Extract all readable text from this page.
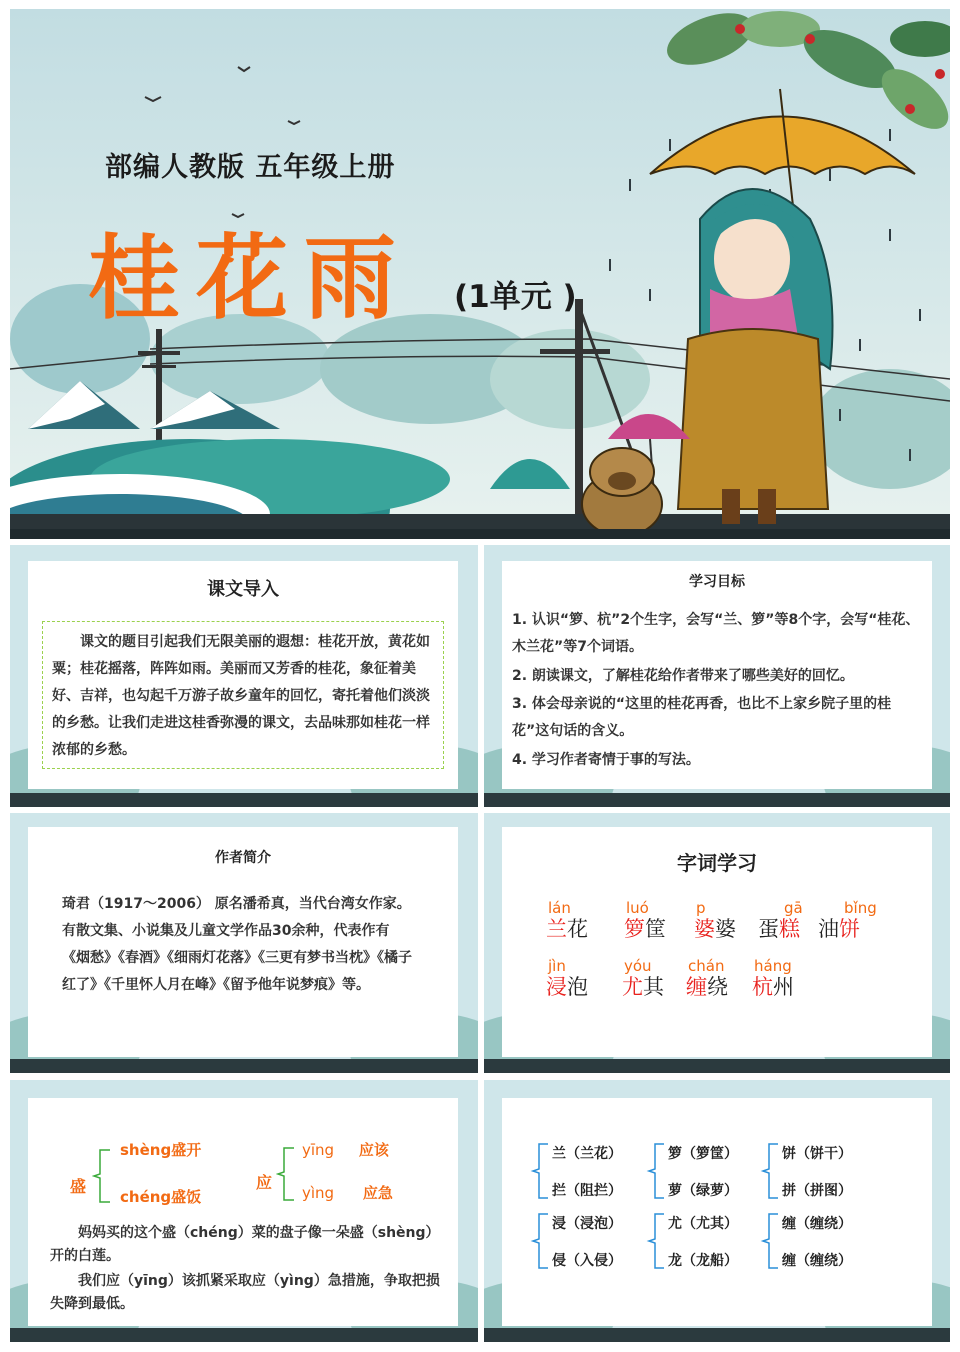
部编人教版 五年级上册
桂花雨 (1单元 )
课文导入
课文的题目引起我们无限美丽的遐想：桂花开放，黄花如粟；桂花摇落，阵阵如雨。美丽而又芳香的桂花，象征着美好、吉祥，也勾起千万游子故乡童年的回忆，寄托着他们淡淡的乡愁。让我们走进这桂香弥漫的课文，去品味那如桂花一样浓郁的乡愁。
学习目标
1. 认识“箩、杭”2个生字，会写“兰、箩”等8个字，会写“桂花、木兰花”等7个词语。
2. 朗读课文，了解桂花给作者带来了哪些美好的回忆。
3. 体会母亲说的“这里的桂花再香，也比不上家乡院子里的桂花”这句话的含义。
4. 学习作者寄情于事的写法。
作者简介
琦君（1917～2006） 原名潘希真，当代台湾女作家。有散文集、小说集及儿童文学作品30余种，代表作有《烟愁》《春酒》《细雨灯花落》《三更有梦书当枕》《橘子红了》《千里怀人月在峰》《留予他年说梦痕》等。
字词学习
lán
兰花
luó
箩筐
p
婆婆
gā
蛋糕
bǐng
油饼
jìn
浸泡
yóu
尤其
chán
缠绕
háng
杭州
盛
shèng盛开
chéng盛饭
应
yīng 应该
yìng 应急
妈妈买的这个盛（chéng）菜的盘子像一朵盛（shèng）开的白莲。
我们应（yīng）该抓紧采取应（yìng）急措施，争取把损失降到最低。
兰（兰花）
拦（阻拦）
箩（箩筐）
萝（绿萝）
饼（饼干）
拼（拼图）
浸（浸泡）
侵（入侵）
尤（尤其）
龙（龙船）
缠（缠绕）
缠（缠绕）
